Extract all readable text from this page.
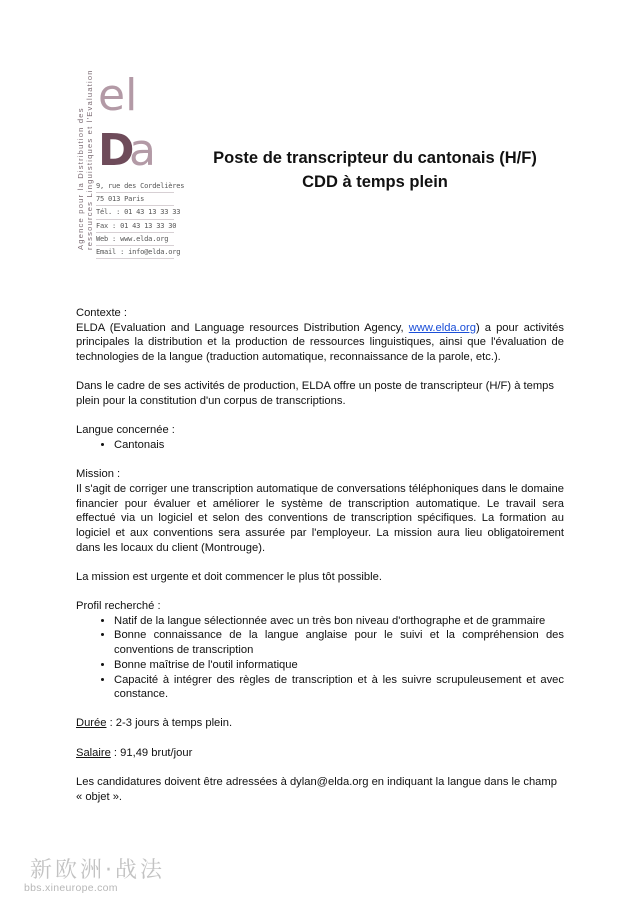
el
D
a
Agence pour la Distribution des ressources Linguistiques et l'Evaluation 9, rue des Cordelières
75 013 Paris
Tél. : 01 43 13 33 33
Fax : 01 43 13 33 30
Web : www.elda.org
Email : info@elda.org
Poste de transcripteur du cantonais (H/F)
CDD à temps plein

Contexte :

ELDA (Evaluation and Language resources Distribution Agency, www.elda.org) a pour activités principales la distribution et la production de ressources linguistiques, ainsi que l'évaluation de technologies de la langue (traduction automatique, reconnaissance de la parole, etc.).

Dans le cadre de ses activités de production, ELDA offre un poste de transcripteur (H/F) à temps plein pour la constitution d'un corpus de transcriptions.

Langue concernée :

• Cantonais

Mission :

Il s'agit de corriger une transcription automatique de conversations téléphoniques dans le domaine financier pour évaluer et améliorer le système de transcription automatique. Le travail sera effectué via un logiciel et selon des conventions de transcription spécifiques. La formation au logiciel et aux conventions sera assurée par l'employeur. La mission aura lieu obligatoirement dans les locaux du client (Montrouge).

La mission est urgente et doit commencer le plus tôt possible.

Profil recherché :

• Natif de la langue sélectionnée avec un très bon niveau d'orthographe et de grammaire
• Bonne connaissance de la langue anglaise pour le suivi et la compréhension des conventions de transcription
• Bonne maîtrise de l'outil informatique
• Capacité à intégrer des règles de transcription et à les suivre scrupuleusement et avec constance.

Durée : 2-3 jours à temps plein.

Salaire : 91,49 brut/jour

Les candidatures doivent être adressées à dylan@elda.org en indiquant la langue dans le champ « objet ».

新欧洲·战法
bbs.xineurope.com
